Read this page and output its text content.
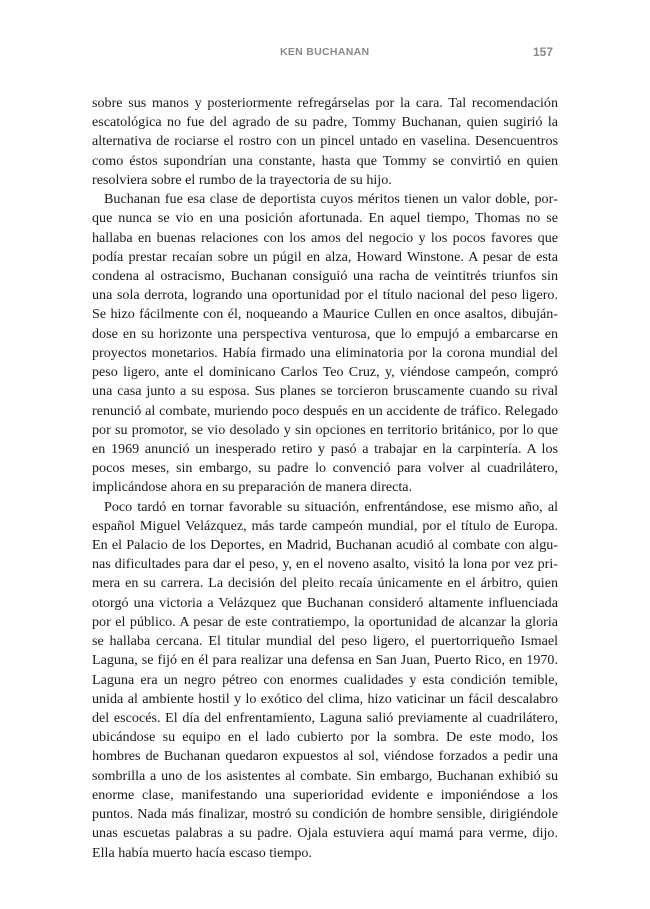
KEN BUCHANAN	157

sobre sus manos y posteriormente refregárselas por la cara. Tal recomendación escatológica no fue del agrado de su padre, Tommy Buchanan, quien sugirió la alternativa de rociarse el rostro con un pincel untado en vaselina. Desencuentros como éstos supondrían una constante, hasta que Tommy se convirtió en quien resolviera sobre el rumbo de la trayectoria de su hijo.

Buchanan fue esa clase de deportista cuyos méritos tienen un valor doble, porque nunca se vio en una posición afortunada. En aquel tiempo, Thomas no se hallaba en buenas relaciones con los amos del negocio y los pocos favores que podía prestar recaían sobre un púgil en alza, Howard Winstone. A pesar de esta condena al ostracismo, Buchanan consiguió una racha de veintitrés triunfos sin una sola derrota, logrando una oportunidad por el título nacional del peso ligero. Se hizo fácilmente con él, noqueando a Maurice Cullen en once asaltos, dibujándose en su horizonte una perspectiva venturosa, que lo empujó a embarcarse en proyectos monetarios. Había firmado una eliminatoria por la corona mundial del peso ligero, ante el dominicano Carlos Teo Cruz, y, viéndose campeón, compró una casa junto a su esposa. Sus planes se torcieron bruscamente cuando su rival renunció al combate, muriendo poco después en un accidente de tráfico. Relegado por su promotor, se vio desolado y sin opciones en territorio británico, por lo que en 1969 anunció un inesperado retiro y pasó a trabajar en la carpintería. A los pocos meses, sin embargo, su padre lo convenció para volver al cuadrilátero, implicándose ahora en su preparación de manera directa.

Poco tardó en tornar favorable su situación, enfrentándose, ese mismo año, al español Miguel Velázquez, más tarde campeón mundial, por el título de Europa. En el Palacio de los Deportes, en Madrid, Buchanan acudió al combate con algunas dificultades para dar el peso, y, en el noveno asalto, visitó la lona por vez primera en su carrera. La decisión del pleito recaía únicamente en el árbitro, quien otorgó una victoria a Velázquez que Buchanan consideró altamente influenciada por el público. A pesar de este contratiempo, la oportunidad de alcanzar la gloria se hallaba cercana. El titular mundial del peso ligero, el puertorriqueño Ismael Laguna, se fijó en él para realizar una defensa en San Juan, Puerto Rico, en 1970. Laguna era un negro pétreo con enormes cualidades y esta condición temible, unida al ambiente hostil y lo exótico del clima, hizo vaticinar un fácil descalabro del escocés. El día del enfrentamiento, Laguna salió previamente al cuadrilátero, ubicándose su equipo en el lado cubierto por la sombra. De este modo, los hombres de Buchanan quedaron expuestos al sol, viéndose forzados a pedir una sombrilla a uno de los asistentes al combate. Sin embargo, Buchanan exhibió su enorme clase, manifestando una superioridad evidente e imponiéndose a los puntos. Nada más finalizar, mostró su condición de hombre sensible, dirigiéndole unas escuetas palabras a su padre. Ojala estuviera aquí mamá para verme, dijo. Ella había muerto hacía escaso tiempo.
